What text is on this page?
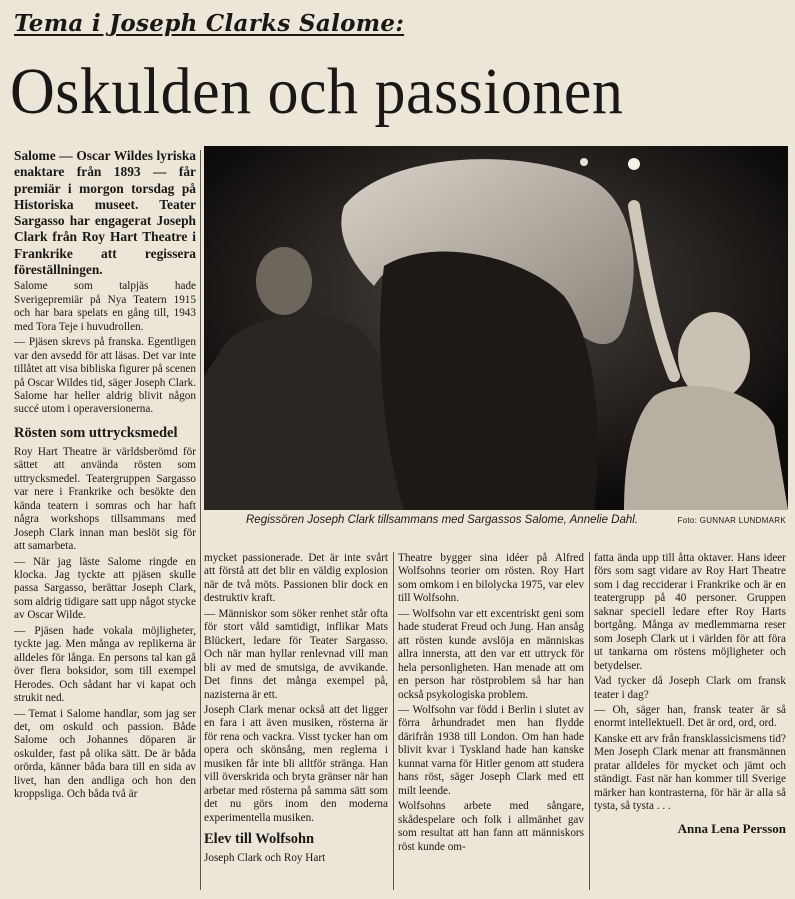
Tema i Joseph Clarks Salome:
Oskulden och passionen
Salome — Oscar Wildes lyriska enaktare från 1893 — får premiär i morgon torsdag på Historiska museet. Teater Sargasso har engagerat Joseph Clark från Roy Hart Theatre i Frankrike att regissera föreställningen.

Salome som talpjäs hade Sverigepremiär på Nya Teatern 1915 och har bara spelats en gång till, 1943 med Tora Teje i huvudrollen.

— Pjäsen skrevs på franska. Egentligen var den avsedd för att läsas. Det var inte tillåtet att visa bibliska figurer på scenen på Oscar Wildes tid, säger Joseph Clark. Salome har heller aldrig blivit någon succé utom i operaversionerna.

Rösten som uttrycksmedel

Roy Hart Theatre är världsberömd för sättet att använda rösten som uttrycksmedel. Teatergruppen Sargasso var nere i Frankrike och besökte den kända teatern i somras och har haft några workshops tillsammans med Joseph Clark innan man beslöt sig för att samarbeta.

— När jag läste Salome ringde en klocka. Jag tyckte att pjäsen skulle passa Sargasso, berättar Joseph Clark, som aldrig tidigare satt upp något stycke av Oscar Wilde.

— Pjäsen hade vokala möjligheter, tyckte jag. Men många av replikerna är alldeles för långa. En persons tal kan gå över flera boksidor, som till exempel Herodes. Och sådant har vi kapat och strukit ned.

— Temat i Salome handlar, som jag ser det, om oskuld och passion. Både Salome och Johannes döparen är oskulder, fast på olika sätt. De är båda orörda, känner båda bara till en sida av livet, han den andliga och hon den kroppsliga. Och båda två är

Regissören Joseph Clark tillsammans med Sargassos Salome, Annelie Dahl.	Foto: GUNNAR LUNDMARK

mycket passionerade. Det är inte svårt att förstå att det blir en väldig explosion när de två möts. Passionen blir dock en destruktiv kraft.

— Människor som söker renhet står ofta för stort våld samtidigt, inflikar Mats Blückert, ledare för Teater Sargasso. Och när man hyllar renlevnad vill man bli av med de smutsiga, de avvikande. Det finns det många exempel på, nazisterna är ett.

Joseph Clark menar också att det ligger en fara i att även musiken, rösterna är för rena och vackra. Visst tycker han om opera och skönsång, men reglerna i musiken får inte bli alltför stränga. Han vill överskrida och bryta gränser när han arbetar med rösterna på samma sätt som det nu görs inom den moderna experimentella musiken.

Elev till Wolfsohn

Joseph Clark och Roy Hart

Theatre bygger sina idéer på Alfred Wolfsohns teorier om rösten. Roy Hart som omkom i en bilolycka 1975, var elev till Wolfsohn.

— Wolfsohn var ett excentriskt geni som hade studerat Freud och Jung. Han ansåg att rösten kunde avslöja en människas allra innersta, att den var ett uttryck för hela personligheten. Han menade att om en person har röstproblem så har han också psykologiska problem.

— Wolfsohn var född i Berlin i slutet av förra århundradet men han flydde därifrån 1938 till London. Om han hade blivit kvar i Tyskland hade han kanske kunnat varna för Hitler genom att studera hans röst, säger Joseph Clark med ett milt leende.

Wolfsohns arbete med sångare, skådespelare och folk i allmänhet gav som resultat att han fann att människors röst kunde om-

fatta ända upp till åtta oktaver. Hans ideer förs som sagt vidare av Roy Hart Theatre som i dag recciderar i Frankrike och är en teatergrupp på 40 personer. Gruppen saknar speciell ledare efter Roy Harts bortgång. Många av medlemmarna reser som Joseph Clark ut i världen för att föra ut tankarna om röstens möjligheter och betydelser.

Vad tycker då Joseph Clark om fransk teater i dag?

— Oh, säger han, fransk teater är så enormt intellektuell. Det är ord, ord, ord.

Kanske ett arv från fransklassicismens tid? Men Joseph Clark menar att fransmännen pratar alldeles för mycket och jämt och ständigt. Fast när han kommer till Sverige märker han kontrasterna, för här är alla så tysta, så tysta . . .

Anna Lena Persson
